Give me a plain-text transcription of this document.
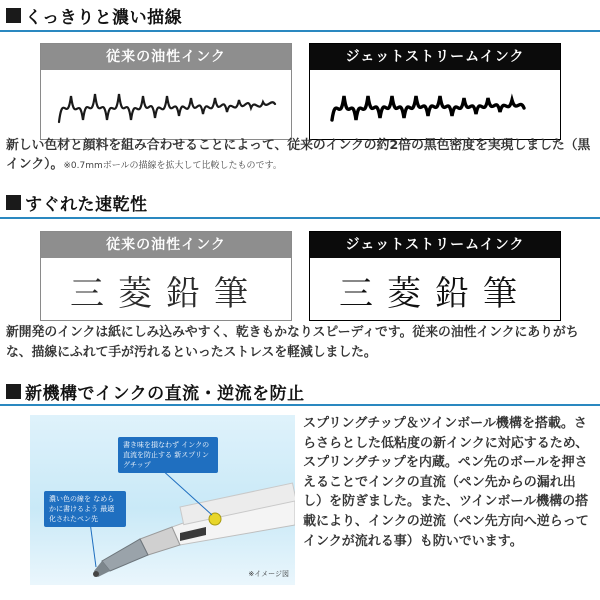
くっきりと濃い描線
従来の油性インク	ジェットストリームインク
新しい色材と顔料を組み合わせることによって、従来のインクの約2倍の黒色密度を実現しました（黒インク）。※0.7mmボールの描線を拡大して比較したものです。
すぐれた速乾性
従来の油性インク
三菱鉛筆
ジェットストリームインク
三菱鉛筆
新開発のインクは紙にしみ込みやすく、乾きもかなりスピーディです。従来の油性インクにありがちな、描線にふれて手が汚れるといったストレスを軽減しました。
新機構でインクの直流・逆流を防止
書き味を損なわず インクの直流を防止する 新スプリングチップ
濃い色の線を なめらかに書けるよう 最適化されたペン先
※イメージ図
スプリングチップ＆ツインボール機構を搭載。さらさらとした低粘度の新インクに対応するため、スプリングチップを内蔵。ペン先のボールを押さえることでインクの直流（ペン先からの漏れ出し）を防ぎました。また、ツインボール機構の搭載により、インクの逆流（ペン先方向へ逆らってインクが流れる事）も防いでいます。
